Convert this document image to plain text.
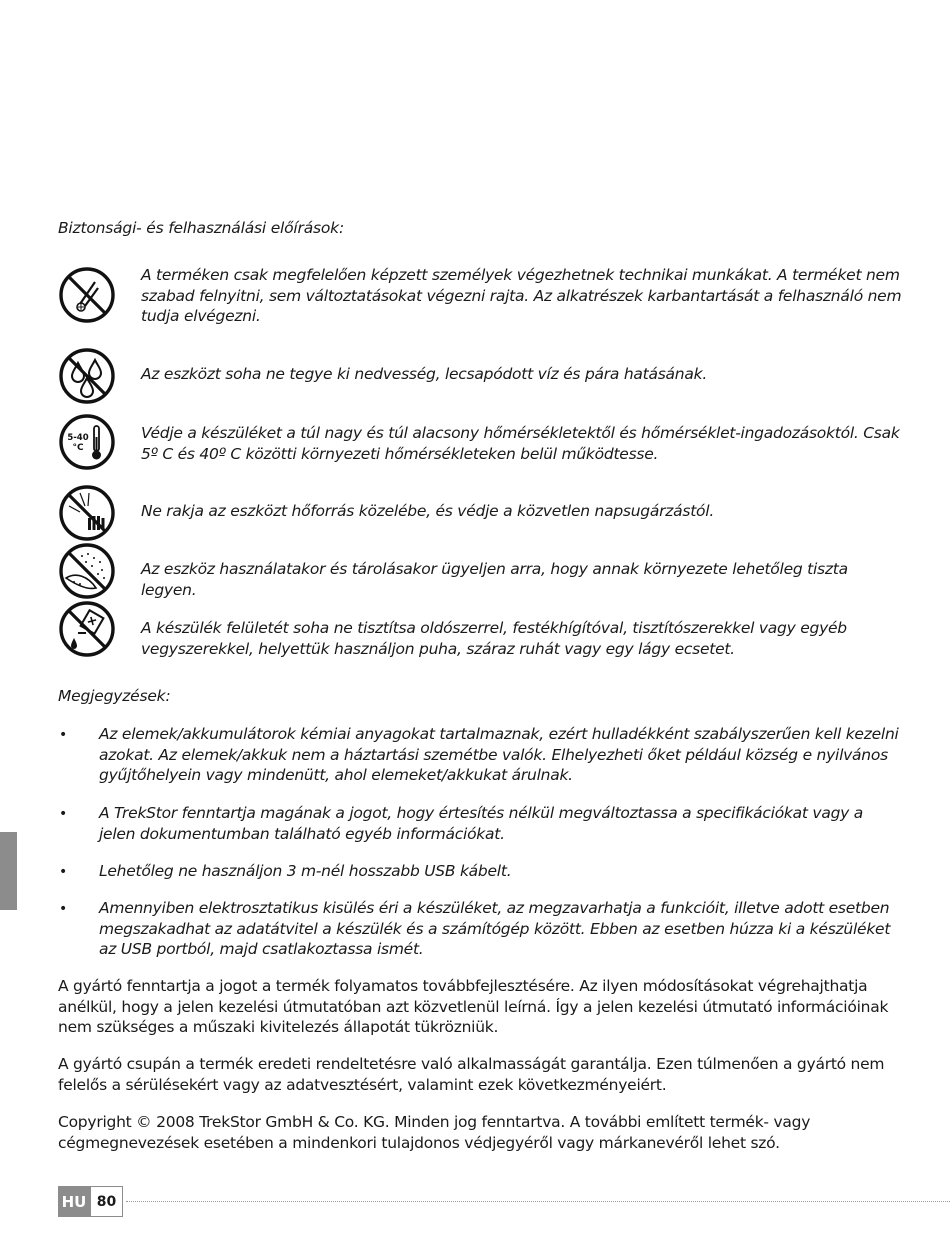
Biztonsági- és felhasználási előírások:
A terméken csak megfelelően képzett személyek végezhetnek technikai munkákat. A terméket nem szabad felnyitni, sem változtatásokat végezni rajta. Az alkatrészek karbantartását a felhasználó nem tudja elvégezni.
Az eszközt soha ne tegye ki nedvesség, lecsapódott víz és pára hatásának.
5-40
°C
Védje a készüléket a túl nagy és túl alacsony hőmérsékletektől és hőmérséklet-ingadozásoktól. Csak 5º C és 40º C közötti környezeti hőmérsékleteken belül működtesse.
Ne rakja az eszközt hőforrás közelébe, és védje a közvetlen napsugárzástól.
Az eszköz használatakor és tárolásakor ügyeljen arra, hogy annak környezete lehetőleg tiszta legyen.
A készülék felületét soha ne tisztítsa oldószerrel, festékhígítóval, tisztítószerekkel vagy egyéb vegyszerekkel, helyettük használjon puha, száraz ruhát vagy egy lágy ecsetet.
Megjegyzések:
• Az elemek/akkumulátorok kémiai anyagokat tartalmaznak, ezért hulladékként szabályszerűen kell kezelni azokat. Az elemek/akkuk nem a háztartási szemétbe valók. Elhelyezheti őket például község e nyilvános gyűjtőhelyein vagy mindenütt, ahol elemeket/akkukat árulnak.
• A TrekStor fenntartja magának a jogot, hogy értesítés nélkül megváltoztassa a specifikációkat vagy a jelen dokumentumban található egyéb információkat.
• Lehetőleg ne használjon 3 m-nél hosszabb USB kábelt.
• Amennyiben elektrosztatikus kisülés éri a készüléket, az megzavarhatja a funkcióit, illetve adott esetben megszakadhat az adatátvitel a készülék és a számítógép között. Ebben az esetben húzza ki a készüléket az USB portból, majd csatlakoztassa ismét.
A gyártó fenntartja a jogot a termék folyamatos továbbfejlesztésére. Az ilyen módosításokat végrehajthatja anélkül, hogy a jelen kezelési útmutatóban azt közvetlenül leírná. Így a jelen kezelési útmutató információinak nem szükséges a műszaki kivitelezés állapotát tükrözniük.
A gyártó csupán a termék eredeti rendeltetésre való alkalmasságát garantálja. Ezen túlmenően a gyártó nem felelős a sérülésekért vagy az adatvesztésért, valamint ezek következményeiért.
Copyright © 2008 TrekStor GmbH & Co. KG. Minden jog fenntartva. A további említett termék- vagy cégmegnevezések esetében a mindenkori tulajdonos védjegyéről vagy márkanevéről lehet szó.
HU 80
